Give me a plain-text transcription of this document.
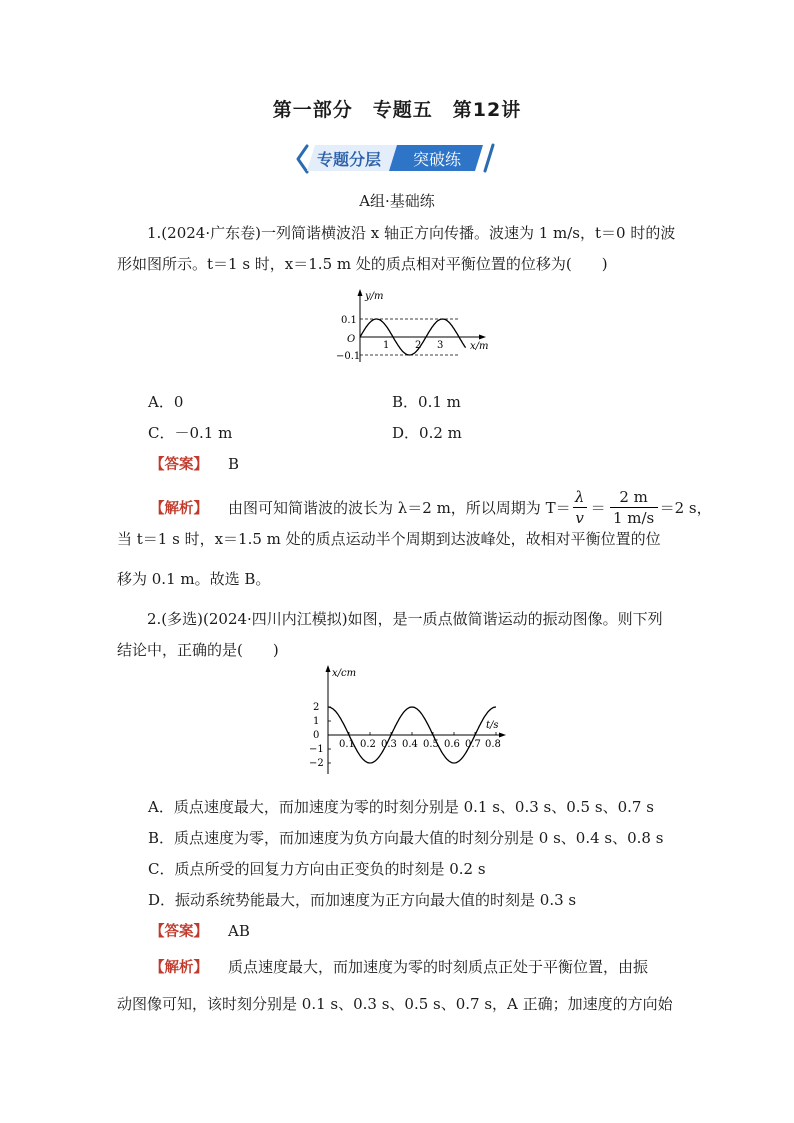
第一部分　专题五　第12讲
专题分层	突破练
A组·基础练
1.(2024·广东卷)一列简谐横波沿 x 轴正方向传播。波速为 1 m/s，t＝0 时的波
形如图所示。t＝1 s 时，x＝1.5 m 处的质点相对平衡位置的位移为(　　)
y/m
x/m
O
0.1
−0.1
1	2 3
A．0	B．0.1 m
C．－0.1 m	D．0.2 m
【答案】 B
【解析】 由图可知简谐波的波长为 λ＝2 m，所以周期为 T＝
λ
v
＝
2 m
1 m/s
＝2 s，
当 t＝1 s 时，x＝1.5 m 处的质点运动半个周期到达波峰处，故相对平衡位置的位
移为 0.1 m。故选 B。
2.(多选)(2024·四川内江模拟)如图，是一质点做简谐运动的振动图像。则下列
结论中，正确的是(　　)
x/cm
t/s
2
1
0
−1
−2
0.1 0.2 0.3 0.4 0.5 0.6 0.7 0.8
A．质点速度最大，而加速度为零的时刻分别是 0.1 s、0.3 s、0.5 s、0.7 s
B．质点速度为零，而加速度为负方向最大值的时刻分别是 0 s、0.4 s、0.8 s
C．质点所受的回复力方向由正变负的时刻是 0.2 s
D．振动系统势能最大，而加速度为正方向最大值的时刻是 0.3 s
【答案】 AB
【解析】 质点速度最大，而加速度为零的时刻质点正处于平衡位置，由振
动图像可知，该时刻分别是 0.1 s、0.3 s、0.5 s、0.7 s，A 正确；加速度的方向始
